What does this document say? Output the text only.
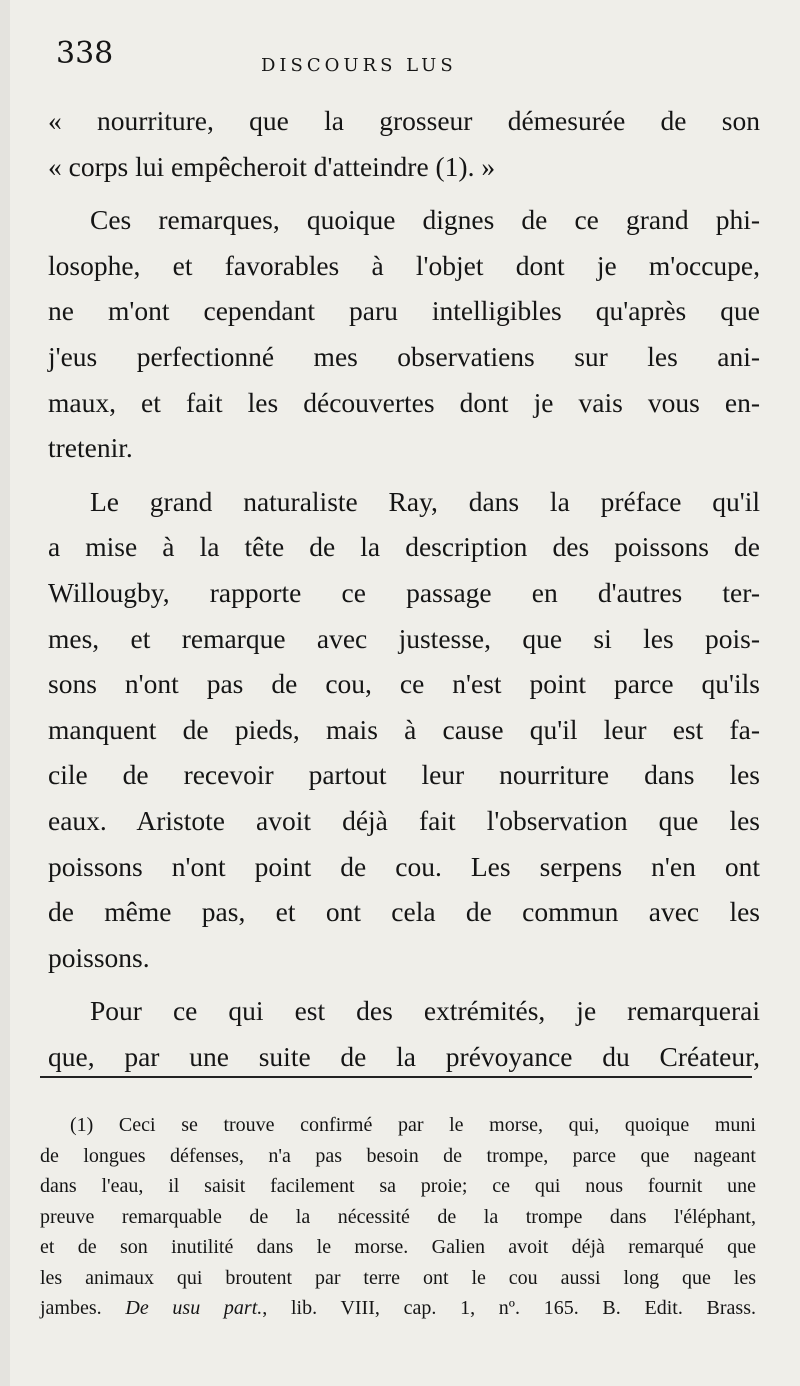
338	DISCOURS LUS
« nourriture, que la grosseur démesurée de son
« corps lui empêcheroit d'atteindre (1). »
Ces remarques, quoique dignes de ce grand phi-
losophe, et favorables à l'objet dont je m'occupe,
ne m'ont cependant paru intelligibles qu'après que
j'eus perfectionné mes observatiens sur les ani-
maux, et fait les découvertes dont je vais vous en-
tretenir.
Le grand naturaliste Ray, dans la préface qu'il
a mise à la tête de la description des poissons de
Willougby, rapporte ce passage en d'autres ter-
mes, et remarque avec justesse, que si les pois-
sons n'ont pas de cou, ce n'est point parce qu'ils
manquent de pieds, mais à cause qu'il leur est fa-
cile de recevoir partout leur nourriture dans les
eaux. Aristote avoit déjà fait l'observation que les
poissons n'ont point de cou. Les serpens n'en ont
de même pas, et ont cela de commun avec les
poissons.
Pour ce qui est des extrémités, je remarquerai
que, par une suite de la prévoyance du Créateur,
(1) Ceci se trouve confirmé par le morse, qui, quoique muni
de longues défenses, n'a pas besoin de trompe, parce que nageant
dans l'eau, il saisit facilement sa proie; ce qui nous fournit une
preuve remarquable de la nécessité de la trompe dans l'éléphant,
et de son inutilité dans le morse. Galien avoit déjà remarqué que
les animaux qui broutent par terre ont le cou aussi long que les
jambes. De usu part., lib. VIII, cap. 1, nº. 165. B. Edit. Brass.
